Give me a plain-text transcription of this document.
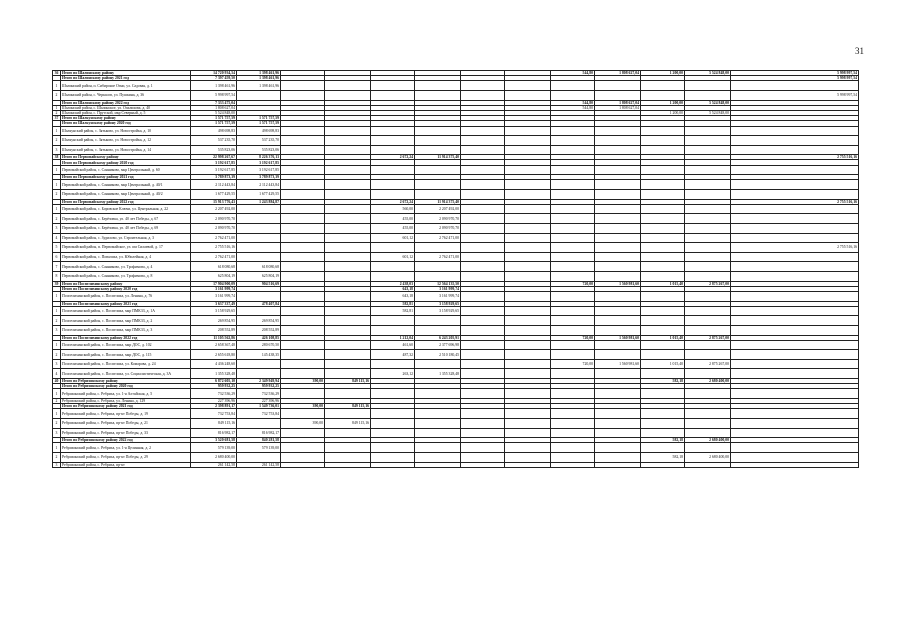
31
36	Итого по Шалинскому району	14 720 934,54	1 398 461,96							544,80	1 808 627,04	1 200,00	5 524 848,00	5 998 997,54
	Итого по Шалинскому району 2021 год	7 397 459,50	1 398 461,96											5 998 997,54
1	Шалинский район, п. Сибирские Огни, ул. Садовая, д. 1	1 398 461,96	1 398 461,96											
2	Шалинский район, с. Черкасов, ул. Пушкина, д. 36	5 998 997,54												5 998 997,54
	Итого по Шалинскому району 2022 год	7 333 475,04								544,80	1 808 627,04	1 200,00	5 524 848,00	
1	Шалинский район, с. Шалинское, ул. Опалихова, д. 40	1 808 627,04								544,80	1 808 627,04			
2	Шалинский район, с. Прутской, мкр Северный, д. 5	5 524 848,00										1 200,00	5 524 848,00	
37	Итого по Шалкунскому району	1 571 757,59	1 571 757,59											
	Итого по Шалкунскому району 2020 год	1 571 757,59	1 571 757,59											
1	Шалкунский район, с. Зятьково, ул. Новостройка, д. 10	498 698,83	498 698,83											
2	Шалкунский район, с. Зятьково, ул. Новостройка, д. 12	537 235,70	537 235,70											
3	Шалкунский район, с. Зятьково, ул. Новостройка, д. 14	535 823,06	535 823,06											
38	Итого по Первомайскому району	22 998 267,67	8 226 376,13			2 672,24	11 914 375,40							2 755 516,16
	Итого по Первомайскому району 2020 год	3 192 617,85	3 192 617,85											
1	Первомайский район, с. Санниково, мкр Центральный, д. 60	3 192 617,85	3 192 617,85											
	Итого по Первомайскому району 2021 год	3 789 873,39	3 789 873,39											
1	Первомайский район, с. Санниково, мкр Центральный, д. 40/1	2 112 443,84	2 112 443,84											
2	Первомайский район, с. Санниково, мкр Центральный, д. 40/2	1 677 429,55	1 677 429,55											
	Итого по Первомайскому району 2022 год	15 913 776,43	1 243 884,87			2 672,24	11 914 375,40							2 755 516,16
1	Первомайский район, с. Боровское Ключи, ул. Центральная, д. 22	2 207 492,00				560,00	2 207 492,00							
2	Первомайский район, с. Берёзовка, ул. 40 лет Победы, д. 67	2 090 970,70				455,00	2 090 970,70							
3	Первомайский район, с. Берёзовка, ул. 40 лет Победы, д. 69	2 090 970,70				455,00	2 090 970,70							
4	Первомайский район, с. Зудилово, ул. Строительная, д. 3	2 762 471,00				601,12	2 762 471,00							
5	Первомайский район, п. Первомайское, ул. им Силаевой, д. 17	2 755 516,16												2 755 516,16
6	Первомайский район, с. Повалиха, ул. Юбилейная, д. 4	2 762 471,00				601,12	2 762 471,00							
7	Первомайский район, с. Санниково, ул. Трофимова, д. 4	618 080,68	618 080,68											
8	Первомайский район, с. Санниково, ул. Трофимова, д. 8	625 804,19	625 804,19											
39	Итого по Поспелихинскому району	17 904 900,09	904 516,69			2 438,03	12 564 135,50			720,00	1 560 981,60	1 015,40	2 875 267,00	
	Итого по Поспелихинскому району 2020 год	3 161 999,74				643,18	3 161 999,74							
1	Поспелихинский район, с. Поспелиха, ул. Ленина, д. 76	3 161 999,74				643,18	3 161 999,74							
	Итого по Поспелихинскому району 2021 год	3 637 337,49	478 407,84			582,81	3 158 929,65							
1	Поспелихинский район, с. Поспелиха, мкр ПМК33, д. 1А	3 158 929,65				582,81	3 158 929,65							
2	Поспелихинский район, с. Поспелиха, мкр ПМК33, д. 2	269 854,95	269 854,95											
3	Поспелихинский район, с. Поспелиха, мкр ПМК33, д. 3	208 552,89	208 552,89											
	Итого по Поспелихинскому району 2022 год	11 105 562,86	426 108,85			1 212,04	6 243 205,91			720,00	1 560 981,60	1 015,40	2 875 267,00	
1	Поспелихинский район, с. Поспелиха, мкр ДОС, д. 102	2 658 367,48	280 670,50			461,60	2 377 696,98							
2	Поспелихинский район, с. Поспелиха, мкр ДОС, д. 115	2 655 618,80	145 438,35			487,32	2 510 180,45							
3	Поспелихинский район, с. Поспелиха, ул. Комарова, д. 24	4 436 248,60								720,00	1 560 981,60	1 015,40	2 875 267,00	
4	Поспелихинский район, с. Поспелиха, ул. Социалистическая, д. 3А	1 355 328,48				263,12	1 355 328,48							
40	Итого по Ребрихинскому району	6 872 605,10	2 349 949,94	390,00	849 115,16							582,18	2 680 400,00	
	Итого по Ребрихинскому району 2020 год	959 932,25	959 932,25											
1	Ребрихинский район, с. Ребриха, ул. 1-я Алтайская, д. 5	732 536,29	732 536,29											
2	Ребрихинский район, с. Ребриха, ул. Ленина, д. 129	227 396,96	227 396,96											
	Итого по Ребрихинскому району 2021 год	2 398 891,17	1 549 736,01	390,00	849 115,16									
1	Ребрихинский район, с. Ребриха, пр-кт Победы, д. 19	732 753,84	732 753,84											
2	Ребрихинский район, с. Ребриха, пр-кт Победы, д. 21	849 115,16		390,00	849 115,16									
3	Ребрихинский район, с. Ребриха, пр-кт Победы, д. 33	816 982,17	816 982,17											
	Итого по Ребрихинскому району 2022 год	3 520 681,58	840 281,58									582,18	2 680 400,00	
1	Ребрихинский район, с. Ребриха, ул. 1-я Целинная, д. 2	579 139,00	579 139,00											
2	Ребрихинский район, с. Ребриха, пр-кт Победы, д. 29	2 680 400,00										582,18	2 680 400,00	
3	Ребрихинский район, с. Ребриха, пр-кт	261 142,58	261 142,58											
